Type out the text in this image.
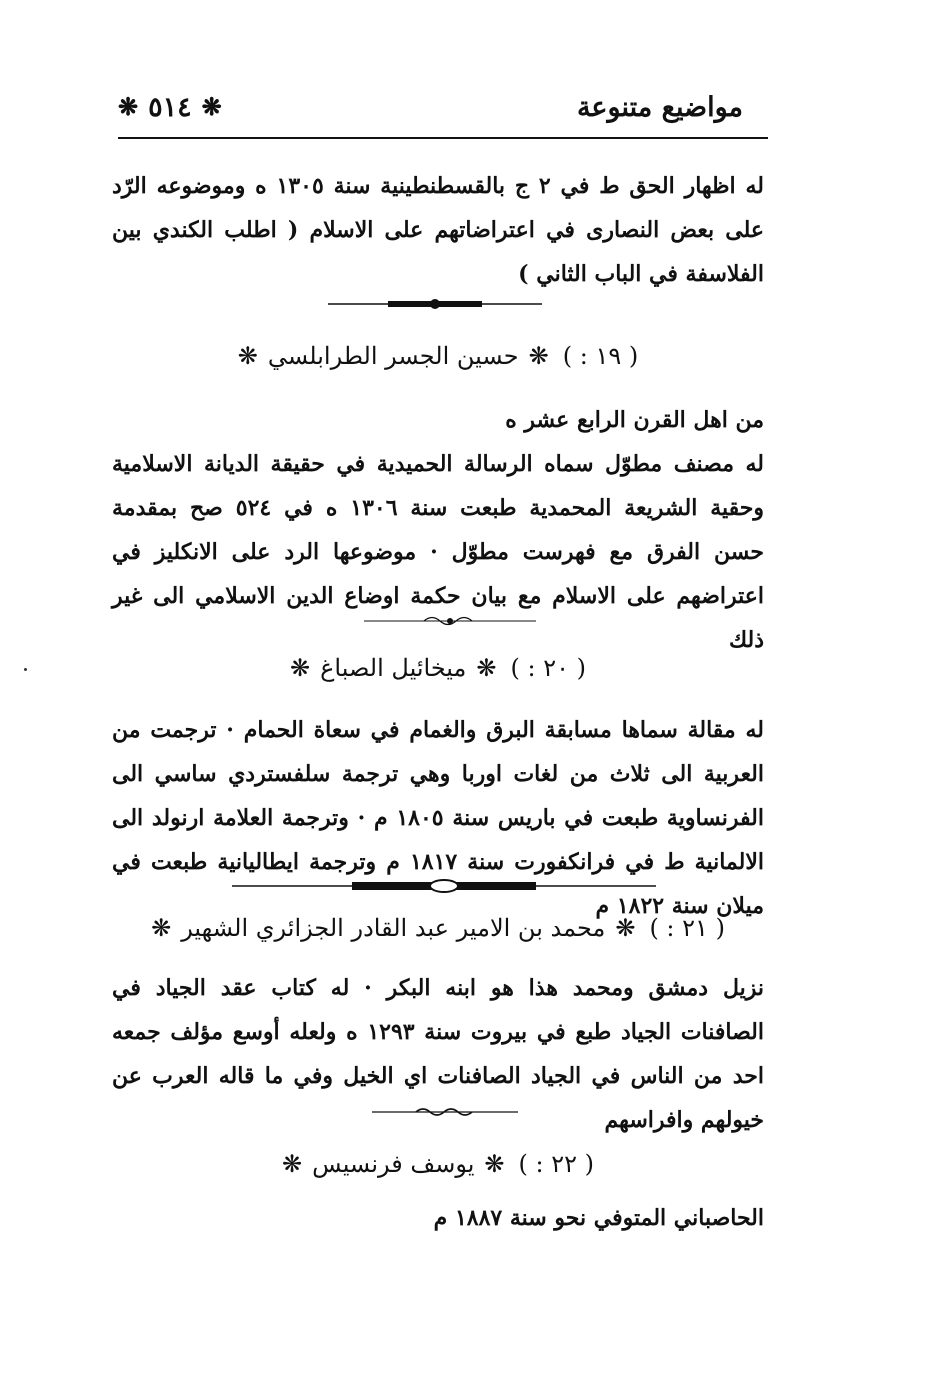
❋
٥١٤
❋	مواضيع متنوعة
له اظهار الحق ط في ٢ ج بالقسطنطينية سنة ١٣٠٥ ه وموضوعه الرّد على بعض النصارى في اعتراضاتهم على الاسلام ( اطلب الكندي بين الفلاسفة في الباب الثاني )
( ١٩ : )
❋
حسين الجسر الطرابلسي
❋
من اهل القرن الرابع عشر ه
له مصنف مطوّل سماه الرسالة الحميدية في حقيقة الديانة الاسلامية وحقية الشريعة المحمدية طبعت سنة ١٣٠٦ ه في ٥٢٤ صح بمقدمة حسن الفرق مع فهرست مطوّل · موضوعها الرد على الانكليز في اعتراضهم على الاسلام مع بيان حكمة اوضاع الدين الاسلامي الى غير ذلك
( ٢٠ : )
❋
ميخائيل الصباغ
❋
له مقالة سماها مسابقة البرق والغمام في سعاة الحمام · ترجمت من العربية الى ثلاث من لغات اوربا وهي ترجمة سلفستردي ساسي الى الفرنساوية طبعت في باريس سنة ١٨٠٥ م · وترجمة العلامة ارنولد الى الالمانية ط في فرانكفورت سنة ١٨١٧ م وترجمة ايطاليانية طبعت في ميلان سنة ١٨٢٢ م
( ٢١ : )
❋
محمد بن الامير عبد القادر الجزائري الشهير
❋
نزيل دمشق ومحمد هذا هو ابنه البكر · له كتاب عقد الجياد في الصافنات الجياد طبع في بيروت سنة ١٢٩٣ ه ولعله أوسع مؤلف جمعه احد من الناس في الجياد الصافنات اي الخيل وفي ما قاله العرب عن خيولهم وافراسهم
( ٢٢ : )
❋
يوسف فرنسيس
❋
الحاصباني المتوفي نحو سنة ١٨٨٧ م
